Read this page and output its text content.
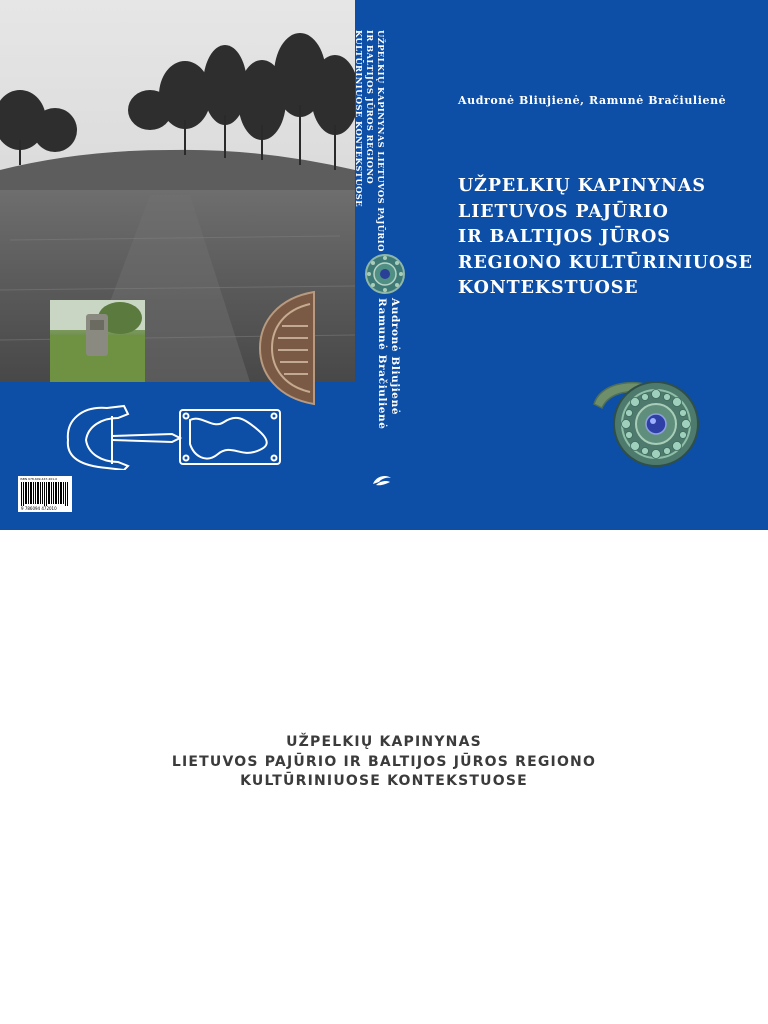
ISBN 978-609-447-201-0
9 786094 472010
UŽPELKIŲ KAPINYNAS LIETUVOS PAJŪRIO
IR BALTIJOS JŪROS REGIONO
KULTŪRINIUOSE KONTEKSTUOSE
Audronė Bliujienė
Ramunė Bračiulienė
Audronė Bliujienė, Ramunė Bračiulienė
UŽPELKIŲ KAPINYNAS
LIETUVOS PAJŪRIO
IR BALTIJOS JŪROS
REGIONO KULTŪRINIUOSE
KONTEKSTUOSE
UŽPELKIŲ KAPINYNAS
LIETUVOS PAJŪRIO IR BALTIJOS JŪROS REGIONO
KULTŪRINIUOSE KONTEKSTUOSE
